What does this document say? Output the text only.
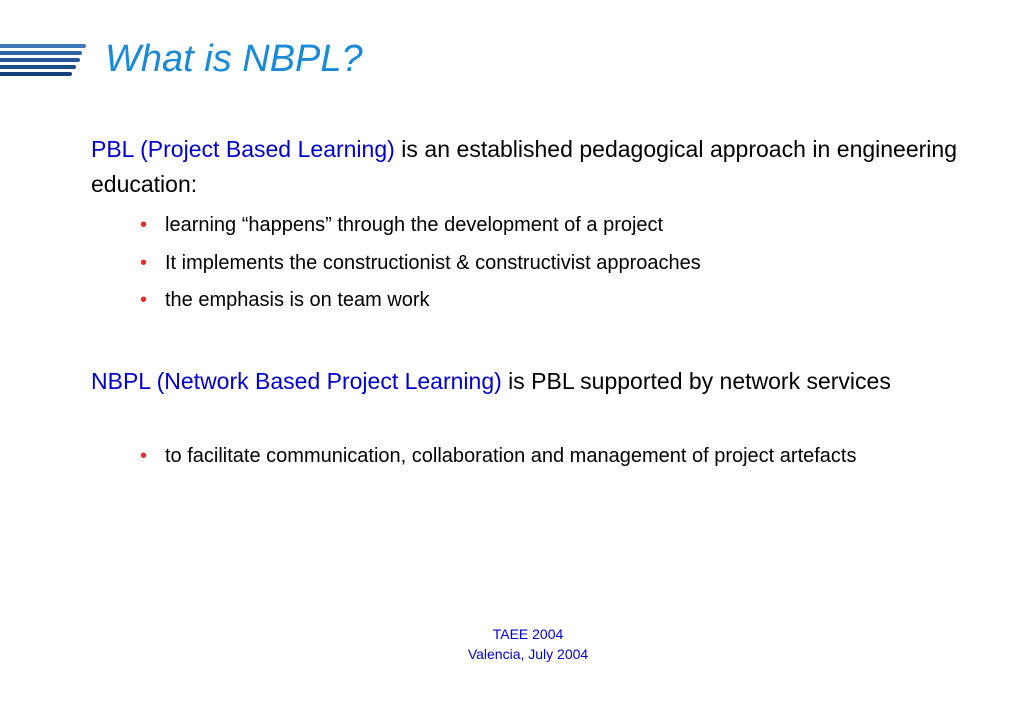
What is NBPL?
PBL (Project Based Learning) is an established pedagogical approach in engineering education:
• learning “happens” through the development of a project
• It implements the constructionist & constructivist approaches
• the emphasis is on team work
NBPL (Network Based Project Learning) is PBL supported by network services
• to facilitate communication, collaboration and management of project artefacts
TAEE 2004
Valencia, July 2004
